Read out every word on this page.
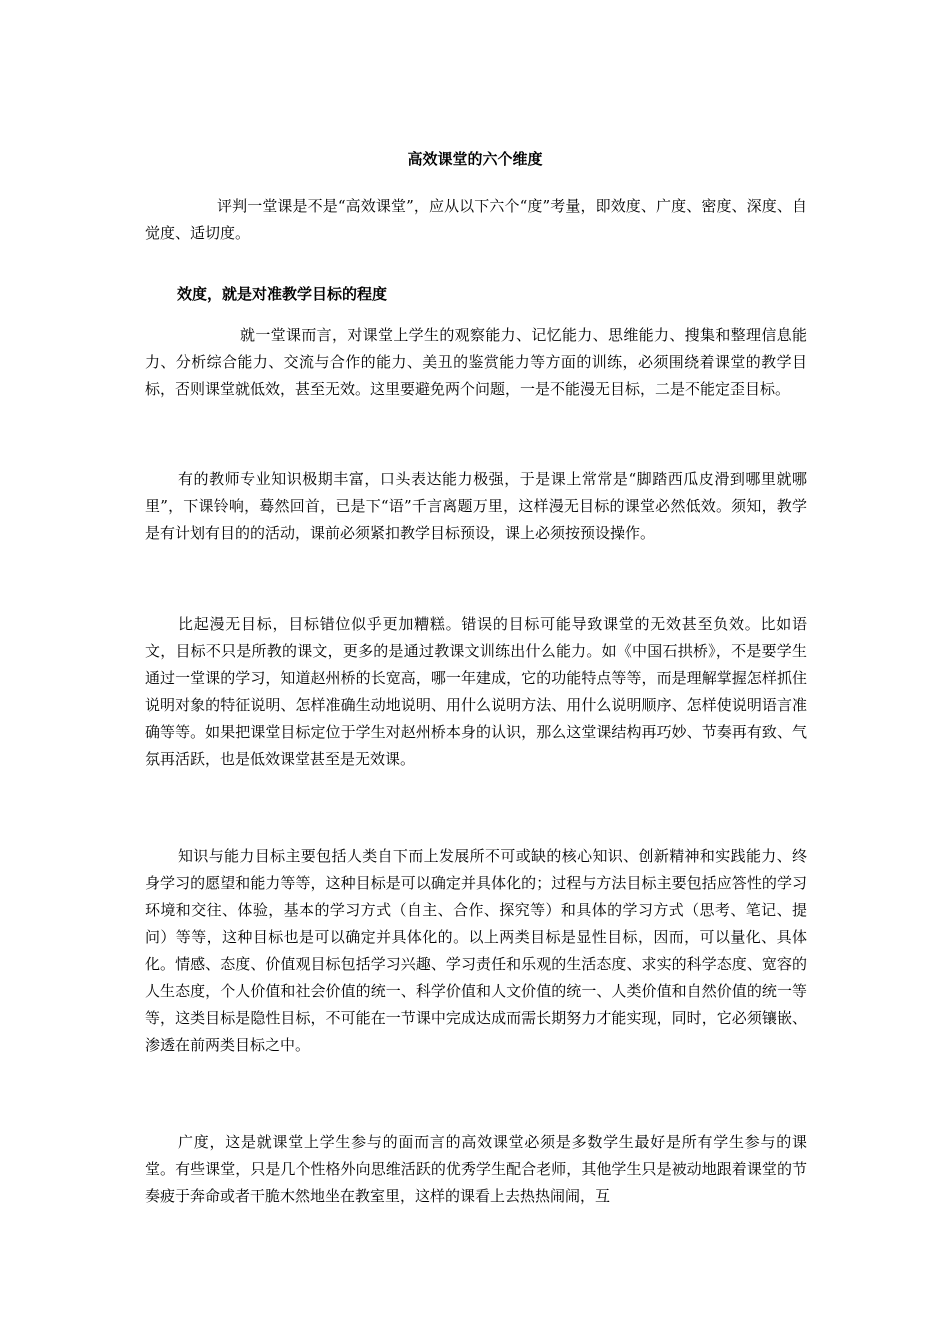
高效课堂的六个维度

评判一堂课是不是“高效课堂”，应从以下六个“度”考量，即效度、广度、密度、深度、自觉度、适切度。

效度，就是对准教学目标的程度

就一堂课而言，对课堂上学生的观察能力、记忆能力、思维能力、搜集和整理信息能力、分析综合能力、交流与合作的能力、美丑的鉴赏能力等方面的训练，必须围绕着课堂的教学目标，否则课堂就低效，甚至无效。这里要避免两个问题，一是不能漫无目标，二是不能定歪目标。

有的教师专业知识极期丰富，口头表达能力极强，于是课上常常是“脚踏西瓜皮滑到哪里就哪里”，下课铃响，蓦然回首，已是下“语”千言离题万里，这样漫无目标的课堂必然低效。须知，教学是有计划有目的的活动，课前必须紧扣教学目标预设，课上必须按预设操作。

比起漫无目标，目标错位似乎更加糟糕。错误的目标可能导致课堂的无效甚至负效。比如语文，目标不只是所教的课文，更多的是通过教课文训练出什么能力。如《中国石拱桥》，不是要学生通过一堂课的学习，知道赵州桥的长宽高，哪一年建成，它的功能特点等等，而是理解掌握怎样抓住说明对象的特征说明、怎样准确生动地说明、用什么说明方法、用什么说明顺序、怎样使说明语言准确等等。如果把课堂目标定位于学生对赵州桥本身的认识，那么这堂课结构再巧妙、节奏再有致、气氛再活跃，也是低效课堂甚至是无效课。

知识与能力目标主要包括人类自下而上发展所不可或缺的核心知识、创新精神和实践能力、终身学习的愿望和能力等等，这种目标是可以确定并具体化的；过程与方法目标主要包括应答性的学习环境和交往、体验，基本的学习方式（自主、合作、探究等）和具体的学习方式（思考、笔记、提问）等等，这种目标也是可以确定并具体化的。以上两类目标是显性目标，因而，可以量化、具体化。情感、态度、价值观目标包括学习兴趣、学习责任和乐观的生活态度、求实的科学态度、宽容的人生态度，个人价值和社会价值的统一、科学价值和人文价值的统一、人类价值和自然价值的统一等等，这类目标是隐性目标，不可能在一节课中完成达成而需长期努力才能实现，同时，它必须镶嵌、渗透在前两类目标之中。

广度，这是就课堂上学生参与的面而言的高效课堂必须是多数学生最好是所有学生参与的课堂。有些课堂，只是几个性格外向思维活跃的优秀学生配合老师，其他学生只是被动地跟着课堂的节奏疲于奔命或者干脆木然地坐在教室里，这样的课看上去热热闹闹，互
